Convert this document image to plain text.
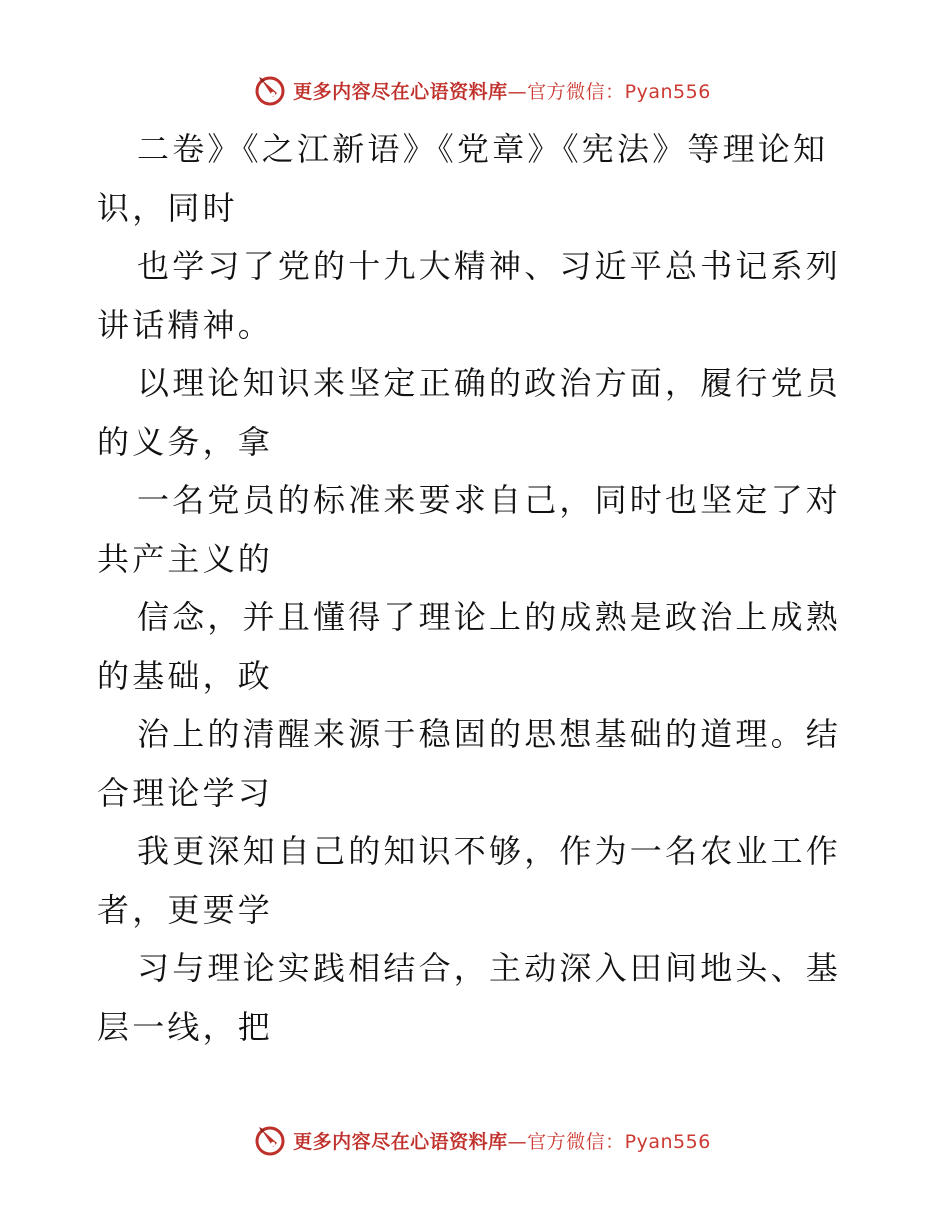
更多内容尽在心语资料库—官方微信：Pyan556

二卷》《之江新语》《党章》《宪法》等理论知识，同时

也学习了党的十九大精神、习近平总书记系列讲话精神。

以理论知识来坚定正确的政治方面，履行党员的义务，拿

一名党员的标准来要求自己，同时也坚定了对共产主义的

信念，并且懂得了理论上的成熟是政治上成熟的基础，政

治上的清醒来源于稳固的思想基础的道理。结合理论学习

我更深知自己的知识不够，作为一名农业工作者，更要学

习与理论实践相结合，主动深入田间地头、基层一线，把

更多内容尽在心语资料库—官方微信：Pyan556
